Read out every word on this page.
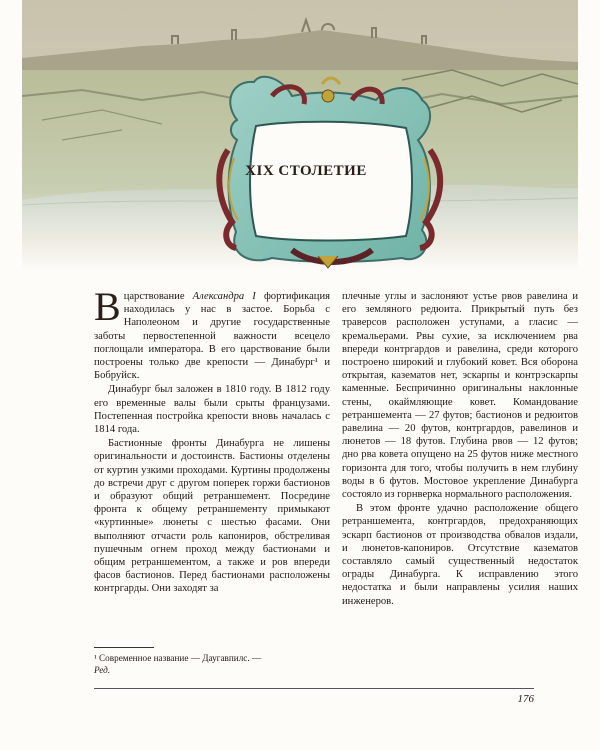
XIX СТОЛЕТИЕ

Вцарствование Александра I фортификация находилась у нас в застое. Борьба с Наполеоном и другие государственные заботы первостепенной важности всецело поглощали императора. В его царствование были построены только две крепости — Динабург¹ и Бобруйск.

Динабург был заложен в 1810 году. В 1812 году его временные валы были срыты французами. Постепенная постройка крепости вновь началась с 1814 года.

Бастионные фронты Динабурга не лишены оригинальности и достоинств. Бастионы отделены от куртин узкими проходами. Куртины продолжены до встречи друг с другом поперек горжи бастионов и образуют общий ретраншемент. Посредине фронта к общему ретраншементу примыкают «куртинные» люнеты с шестью фасами. Они выполняют отчасти роль капониров, обстреливая пушечным огнем проход между бастионами и общим ретраншементом, а также и ров впереди фасов бастионов. Перед бастионами расположены контргарды. Они заходят за

плечные углы и заслоняют устье рвов равелина и его земляного редюита. Прикрытый путь без траверсов расположен уступами, а гласис — кремальерами. Рвы сухие, за исключением рва впереди контргардов и равелина, среди которого построено широкий и глубокий ковет. Вся оборона открытая, казематов нет, эскарпы и контрэскарпы каменные. Беспричинно оригинальны наклонные стены, окаймляющие ковет. Командование ретраншемента — 27 футов; бастионов и редюитов равелина — 20 футов, контргардов, равелинов и люнетов — 18 футов. Глубина рвов — 12 футов; дно рва ковета опущено на 25 футов ниже местного горизонта для того, чтобы получить в нем глубину воды в 6 футов. Мостовое укрепление Динабурга состояло из горнверка нормального расположения.

В этом фронте удачно расположение общего ретраншемента, контргардов, предохраняющих эскарп бастионов от производства обвалов издали, и люнетов-капониров. Отсутствие казематов составляло самый существенный недостаток ограды Динабурга. К исправлению этого недостатка и были направлены усилия наших инженеров.

¹ Современное название — Даугавпилс. —
Ред.
176
